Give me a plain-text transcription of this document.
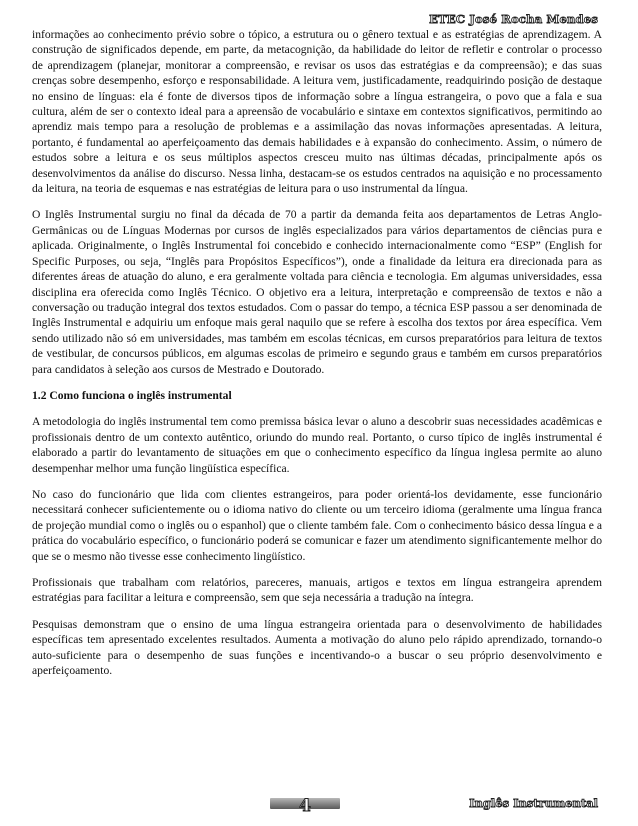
ETEC José Rocha Mendes

informações ao conhecimento prévio sobre o tópico, a estrutura ou o gênero textual e as estratégias de aprendizagem. A construção de significados depende, em parte, da metacognição, da habilidade do leitor de refletir e controlar o processo de aprendizagem (planejar, monitorar a compreensão, e revisar os usos das estratégias e da compreensão); e das suas crenças sobre desempenho, esforço e responsabilidade. A leitura vem, justificadamente, readquirindo posição de destaque no ensino de línguas: ela é fonte de diversos tipos de informação sobre a língua estrangeira, o povo que a fala e sua cultura, além de ser o contexto ideal para a apreensão de vocabulário e sintaxe em contextos significativos, permitindo ao aprendiz mais tempo para a resolução de problemas e a assimilação das novas informações apresentadas. A leitura, portanto, é fundamental ao aperfeiçoamento das demais habilidades e à expansão do conhecimento. Assim, o número de estudos sobre a leitura e os seus múltiplos aspectos cresceu muito nas últimas décadas, principalmente após os desenvolvimentos da análise do discurso. Nessa linha, destacam-se os estudos centrados na aquisição e no processamento da leitura, na teoria de esquemas e nas estratégias de leitura para o uso instrumental da língua.

O Inglês Instrumental surgiu no final da década de 70 a partir da demanda feita aos departamentos de Letras Anglo-Germânicas ou de Línguas Modernas por cursos de inglês especializados para vários departamentos de ciências pura e aplicada. Originalmente, o Inglês Instrumental foi concebido e conhecido internacionalmente como “ESP” (English for Specific Purposes, ou seja, “Inglês para Propósitos Específicos”), onde a finalidade da leitura era direcionada para as diferentes áreas de atuação do aluno, e era geralmente voltada para ciência e tecnologia. Em algumas universidades, essa disciplina era oferecida como Inglês Técnico. O objetivo era a leitura, interpretação e compreensão de textos e não a conversação ou tradução integral dos textos estudados. Com o passar do tempo, a técnica ESP passou a ser denominada de Inglês Instrumental e adquiriu um enfoque mais geral naquilo que se refere à escolha dos textos por área específica. Vem sendo utilizado não só em universidades, mas também em escolas técnicas, em cursos preparatórios para leitura de textos de vestibular, de concursos públicos, em algumas escolas de primeiro e segundo graus e também em cursos preparatórios para candidatos à seleção aos cursos de Mestrado e Doutorado.

1.2 Como funciona o inglês instrumental

A metodologia do inglês instrumental tem como premissa básica levar o aluno a descobrir suas necessidades acadêmicas e profissionais dentro de um contexto autêntico, oriundo do mundo real. Portanto, o curso típico de inglês instrumental é elaborado a partir do levantamento de situações em que o conhecimento específico da língua inglesa permite ao aluno desempenhar melhor uma função lingüística específica.

No caso do funcionário que lida com clientes estrangeiros, para poder orientá-los devidamente, esse funcionário necessitará conhecer suficientemente ou o idioma nativo do cliente ou um terceiro idioma (geralmente uma língua franca de projeção mundial como o inglês ou o espanhol) que o cliente também fale. Com o conhecimento básico dessa língua e a prática do vocabulário específico, o funcionário poderá se comunicar e fazer um atendimento significantemente melhor do que se o mesmo não tivesse esse conhecimento lingüístico.

Profissionais que trabalham com relatórios, pareceres, manuais, artigos e textos em língua estrangeira aprendem estratégias para facilitar a leitura e compreensão, sem que seja necessária a tradução na íntegra.

Pesquisas demonstram que o ensino de uma língua estrangeira orientada para o desenvolvimento de habilidades específicas tem apresentado excelentes resultados. Aumenta a motivação do aluno pelo rápido aprendizado, tornando-o auto-suficiente para o desempenho de suas funções e incentivando-o a buscar o seu próprio desenvolvimento e aperfeiçoamento.

4	Inglês Instrumental
